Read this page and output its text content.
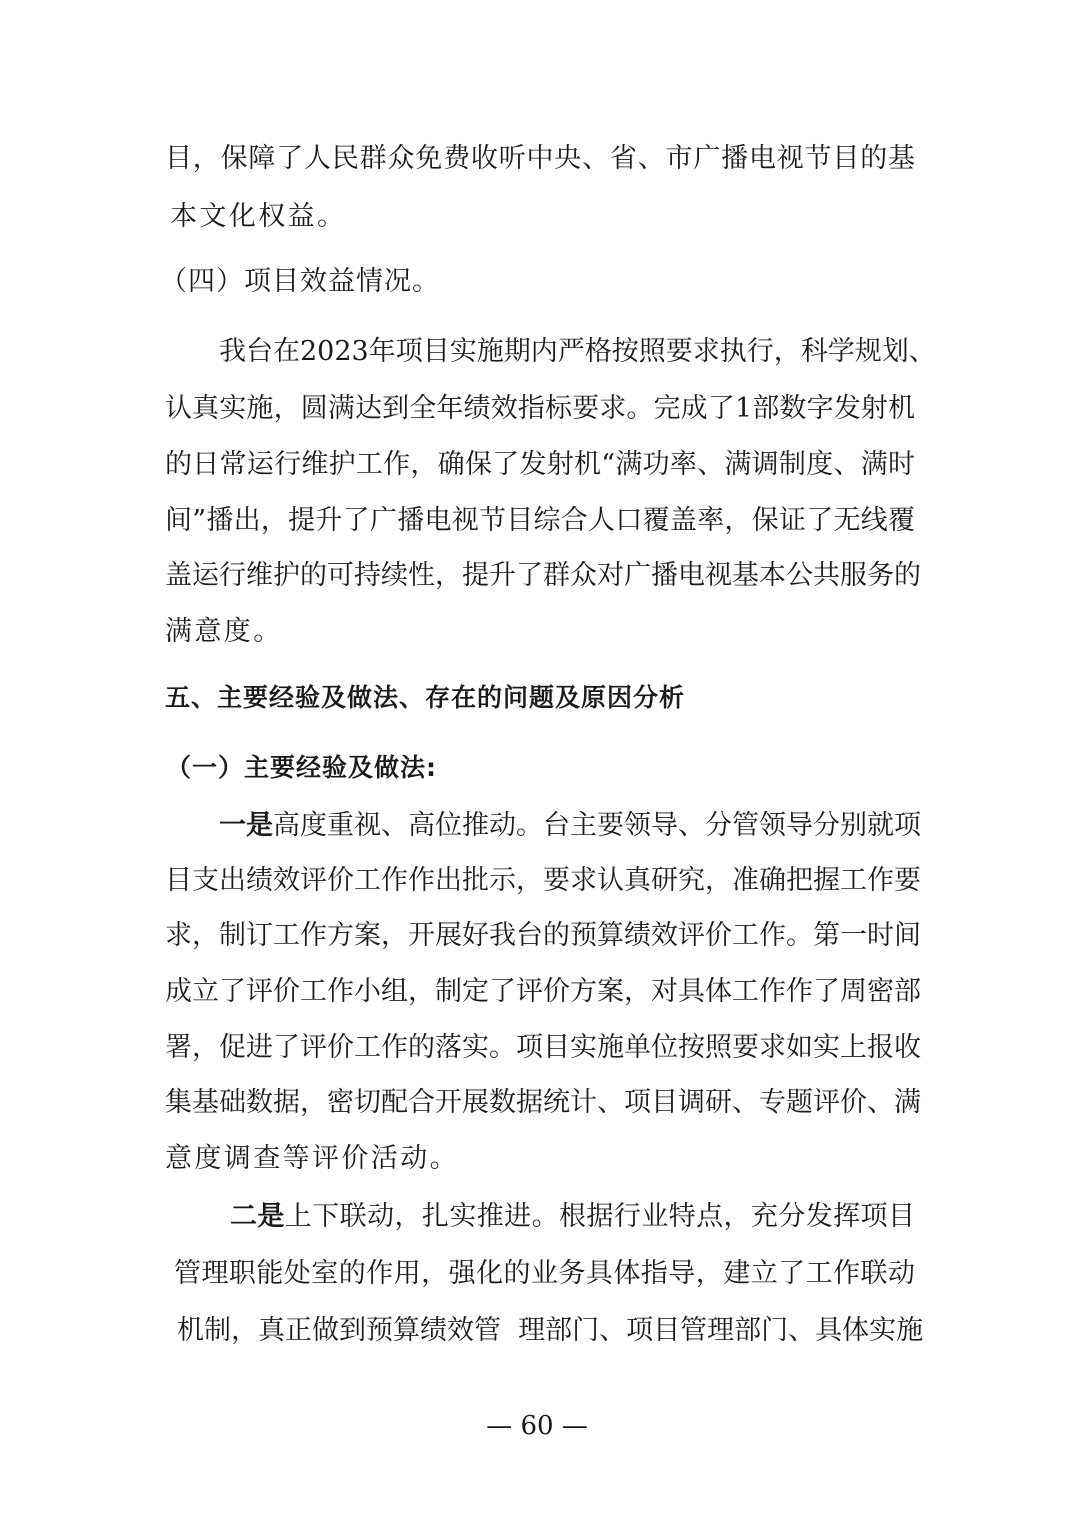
目，保障了人民群众免费收听中央、省、市广播电视节目的基
本文化权益。
（四）项目效益情况。
我台在2023年项目实施期内严格按照要求执行，科学规划、
认真实施，圆满达到全年绩效指标要求。完成了1部数字发射机
的日常运行维护工作，确保了发射机“满功率、满调制度、满时
间”播出，提升了广播电视节目综合人口覆盖率，保证了无线覆
盖运行维护的可持续性，提升了群众对广播电视基本公共服务的
满意度。
五、主要经验及做法、存在的问题及原因分析
（一）主要经验及做法:
一是高度重视、高位推动。台主要领导、分管领导分别就项
目支出绩效评价工作作出批示，要求认真研究，准确把握工作要
求，制订工作方案，开展好我台的预算绩效评价工作。第一时间
成立了评价工作小组，制定了评价方案，对具体工作作了周密部
署，促进了评价工作的落实。项目实施单位按照要求如实上报收
集基础数据，密切配合开展数据统计、项目调研、专题评价、满
意度调查等评价活动。
二是上下联动，扎实推进。根据行业特点，充分发挥项目
管理职能处室的作用，强化的业务具体指导，建立了工作联动
机制，真正做到预算绩效管  理部门、项目管理部门、具体实施
— 60 —
